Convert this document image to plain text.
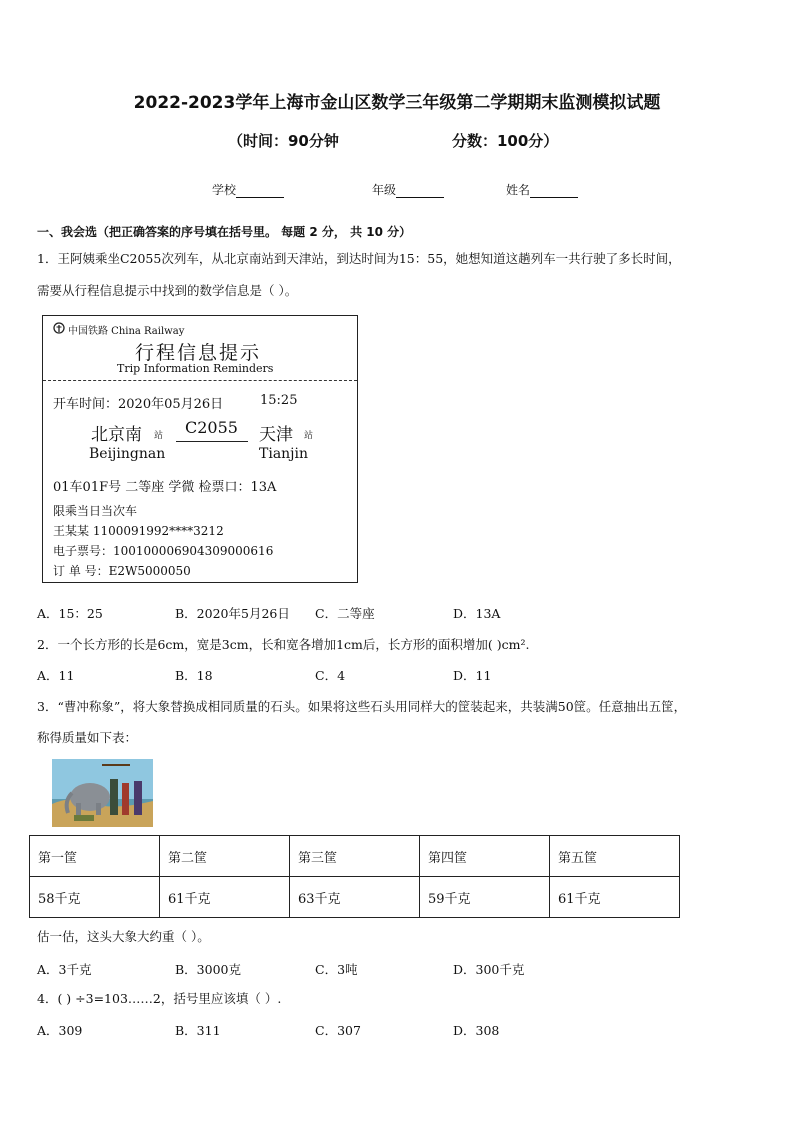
2022-2023学年上海市金山区数学三年级第二学期期末监测模拟试题
（时间：90分钟	分数：100分）
学校	年级	姓名
一、我会选（把正确答案的序号填在括号里。 每题 2 分， 共 10 分）
1．王阿姨乘坐C2055次列车，从北京南站到天津站，到达时间为15：55，她想知道这趟列车一共行驶了多长时间，
需要从行程信息提示中找到的数学信息是（ ）。
中国铁路 China Railway
行程信息提示
Trip Information Reminders
开车时间：2020年05月26日	15:25
北京南 站 C2055 天津 站
Beijingnan	Tianjin
01车01F号 二等座 学微 检票口：13A
限乘当日当次车
王某某 1100091992****3212
电子票号：10010000690430900061​6
订 单 号：E2W5000050
A．15：25	B．2020年5月26日 C．二等座	D．13A
2．一个长方形的长是6cm，宽是3cm，长和宽各增加1cm后，长方形的面积增加( )cm².
A．11	B．18	C．4	D．11
3．“曹冲称象”，将大象替换成相同质量的石头。如果将这些石头用同样大的筐装起来，共装满50筐。任意抽出五筐，
称得质量如下表：
第一筐	第二筐	第三筐	第四筐	第五筐
58千克	61千克	63千克	59千克	61千克
估一估，这头大象大约重（ ）。
A．3千克	B．3000克	C．3吨	D．300千克
4．( ) ÷3=103……2，括号里应该填（ ）.
A．309	B．311	C．307	D．308
